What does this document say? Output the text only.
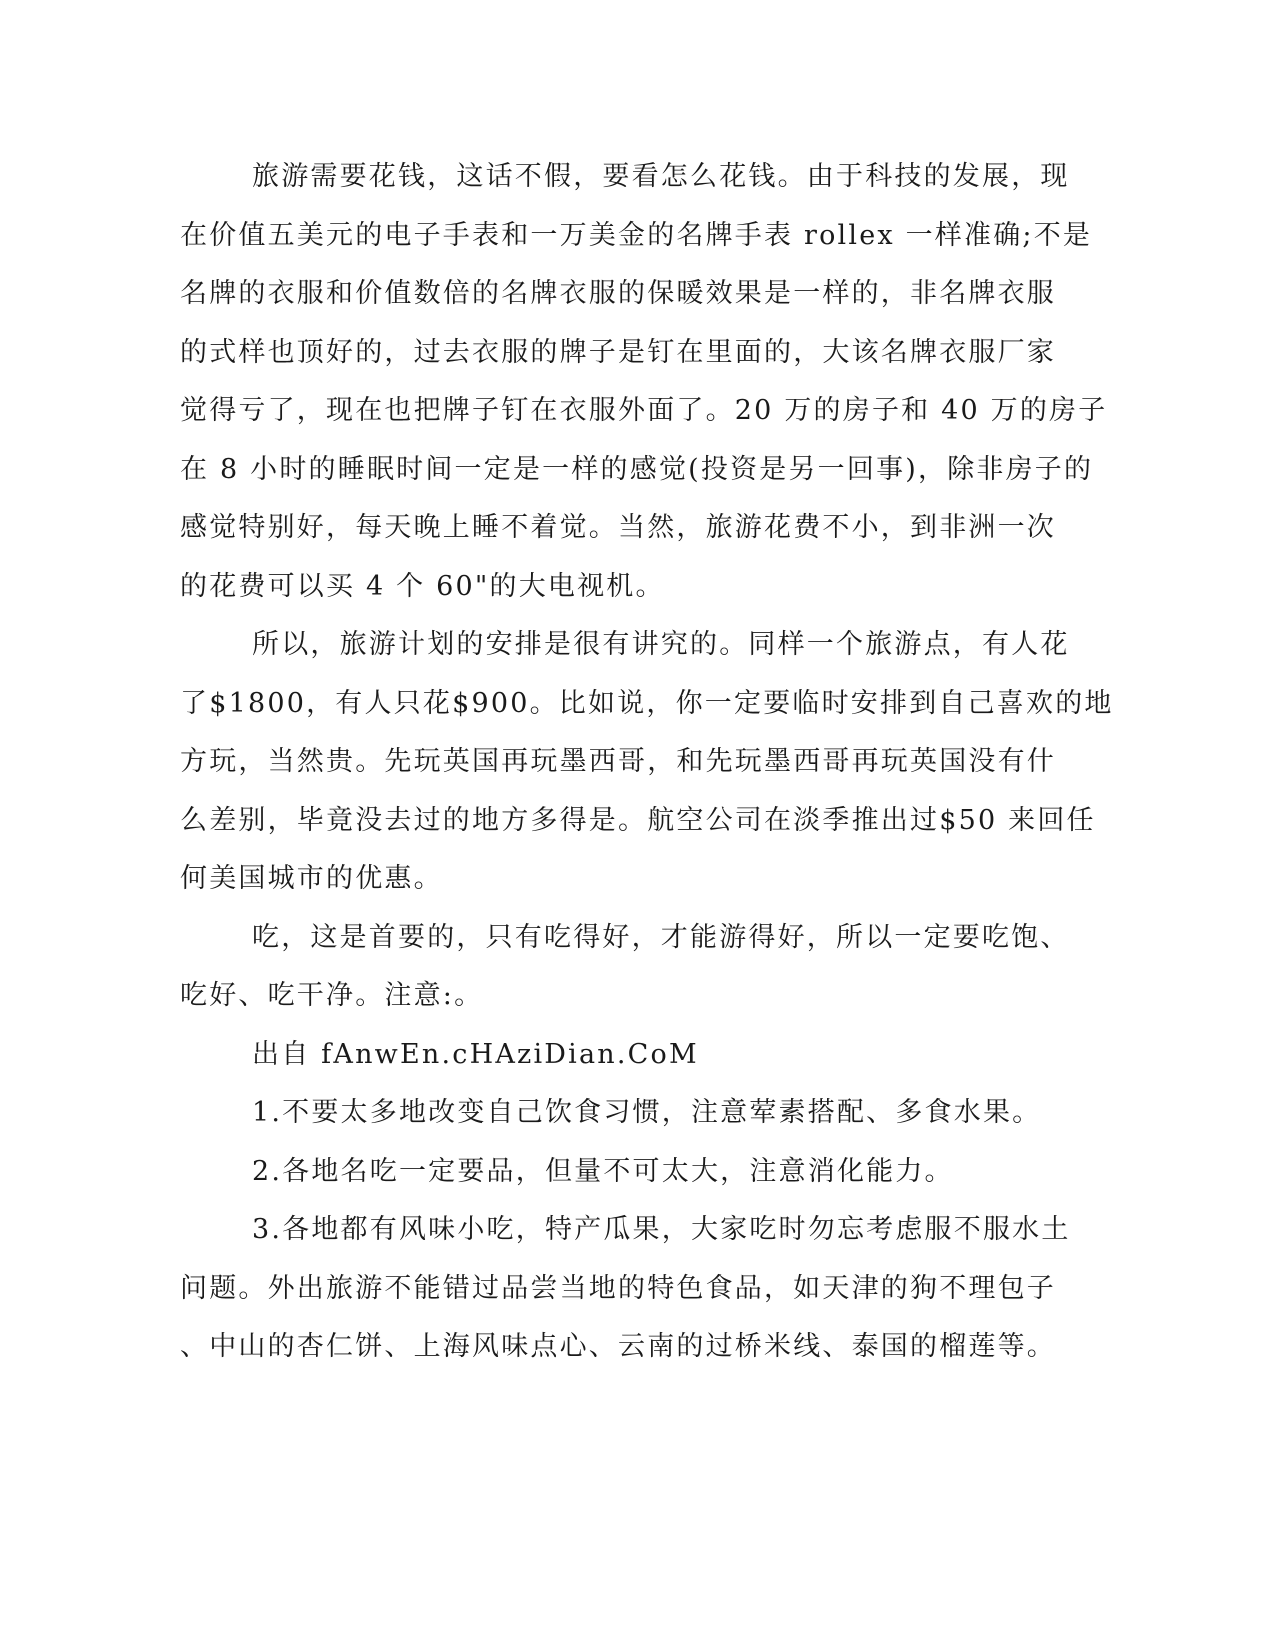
旅游需要花钱，这话不假，要看怎么花钱。由于科技的发展，现
在价值五美元的电子手表和一万美金的名牌手表 rollex 一样准确;不是
名牌的衣服和价值数倍的名牌衣服的保暖效果是一样的，非名牌衣服
的式样也顶好的，过去衣服的牌子是钉在里面的，大该名牌衣服厂家
觉得亏了，现在也把牌子钉在衣服外面了。20 万的房子和 40 万的房子
在 8 小时的睡眠时间一定是一样的感觉(投资是另一回事)，除非房子的
感觉特别好，每天晚上睡不着觉。当然，旅游花费不小，到非洲一次
的花费可以买 4 个 60"的大电视机。
所以，旅游计划的安排是很有讲究的。同样一个旅游点，有人花
了$1800，有人只花$900。比如说，你一定要临时安排到自己喜欢的地
方玩，当然贵。先玩英国再玩墨西哥，和先玩墨西哥再玩英国没有什
么差别，毕竟没去过的地方多得是。航空公司在淡季推出过$50 来回任
何美国城市的优惠。
吃，这是首要的，只有吃得好，才能游得好，所以一定要吃饱、
吃好、吃干净。注意:。
出自 fAnwEn.cHAziDian.CoM
1.不要太多地改变自己饮食习惯，注意荤素搭配、多食水果。
2.各地名吃一定要品，但量不可太大，注意消化能力。
3.各地都有风味小吃，特产瓜果，大家吃时勿忘考虑服不服水土
问题。外出旅游不能错过品尝当地的特色食品，如天津的狗不理包子
、中山的杏仁饼、上海风味点心、云南的过桥米线、泰国的榴莲等。
